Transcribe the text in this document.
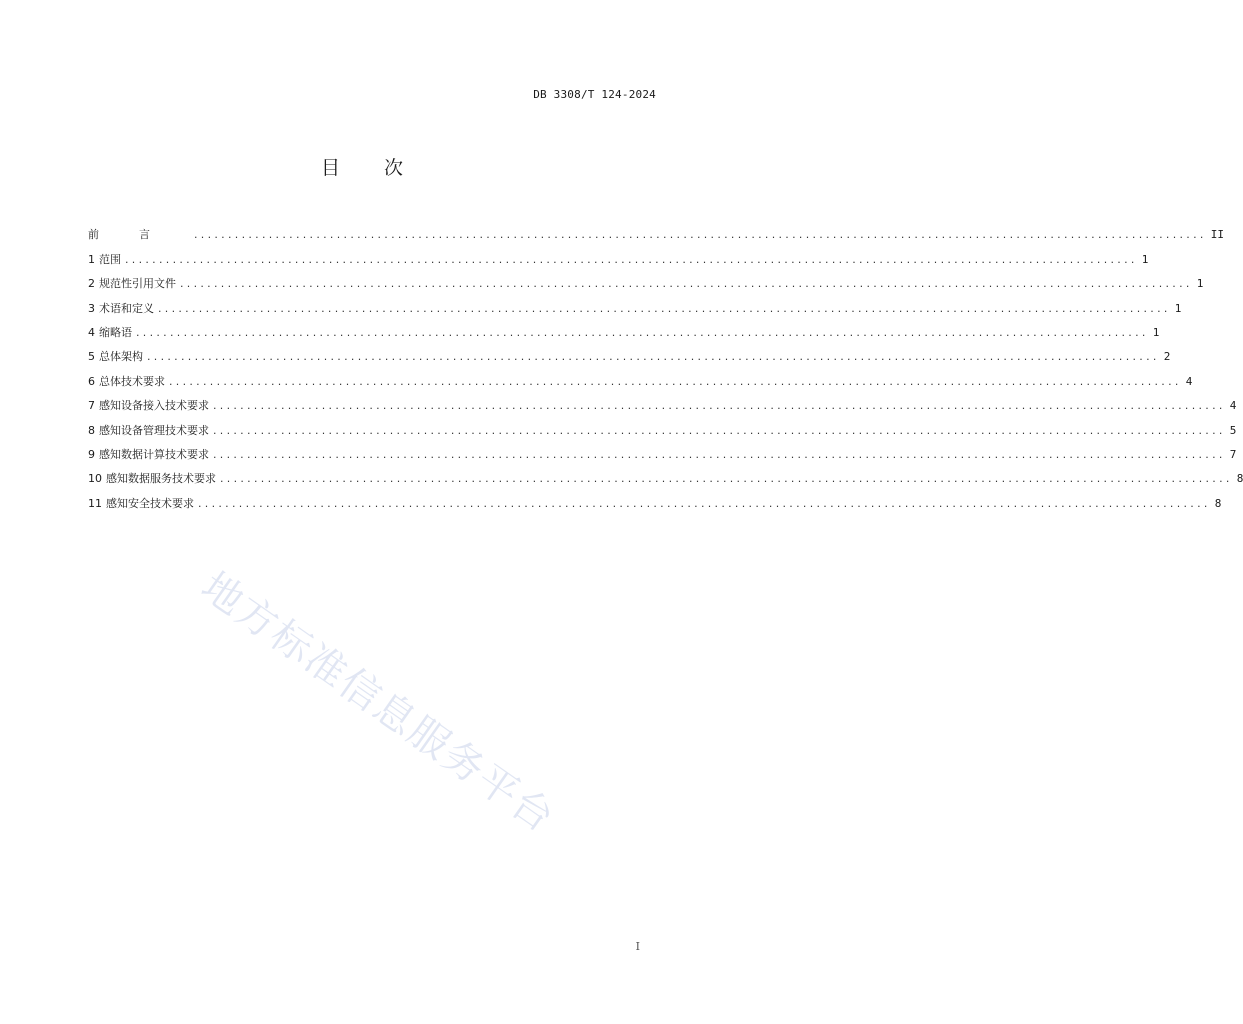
DB 3308/T 124-2024
目 次
前言 ..................................................................................................................................................... II
1 范围 ..................................................................................................................................................... 1
2 规范性引用文件 ..................................................................................................................................................... 1
3 术语和定义 ..................................................................................................................................................... 1
4 缩略语 ..................................................................................................................................................... 1
5 总体架构 ..................................................................................................................................................... 2
6 总体技术要求 ..................................................................................................................................................... 4
7 感知设备接入技术要求 ..................................................................................................................................................... 4
8 感知设备管理技术要求 ..................................................................................................................................................... 5
9 感知数据计算技术要求 ..................................................................................................................................................... 7
10 感知数据服务技术要求 ..................................................................................................................................................... 8
11 感知安全技术要求 ..................................................................................................................................................... 8
地方标准信息服务平台
I
